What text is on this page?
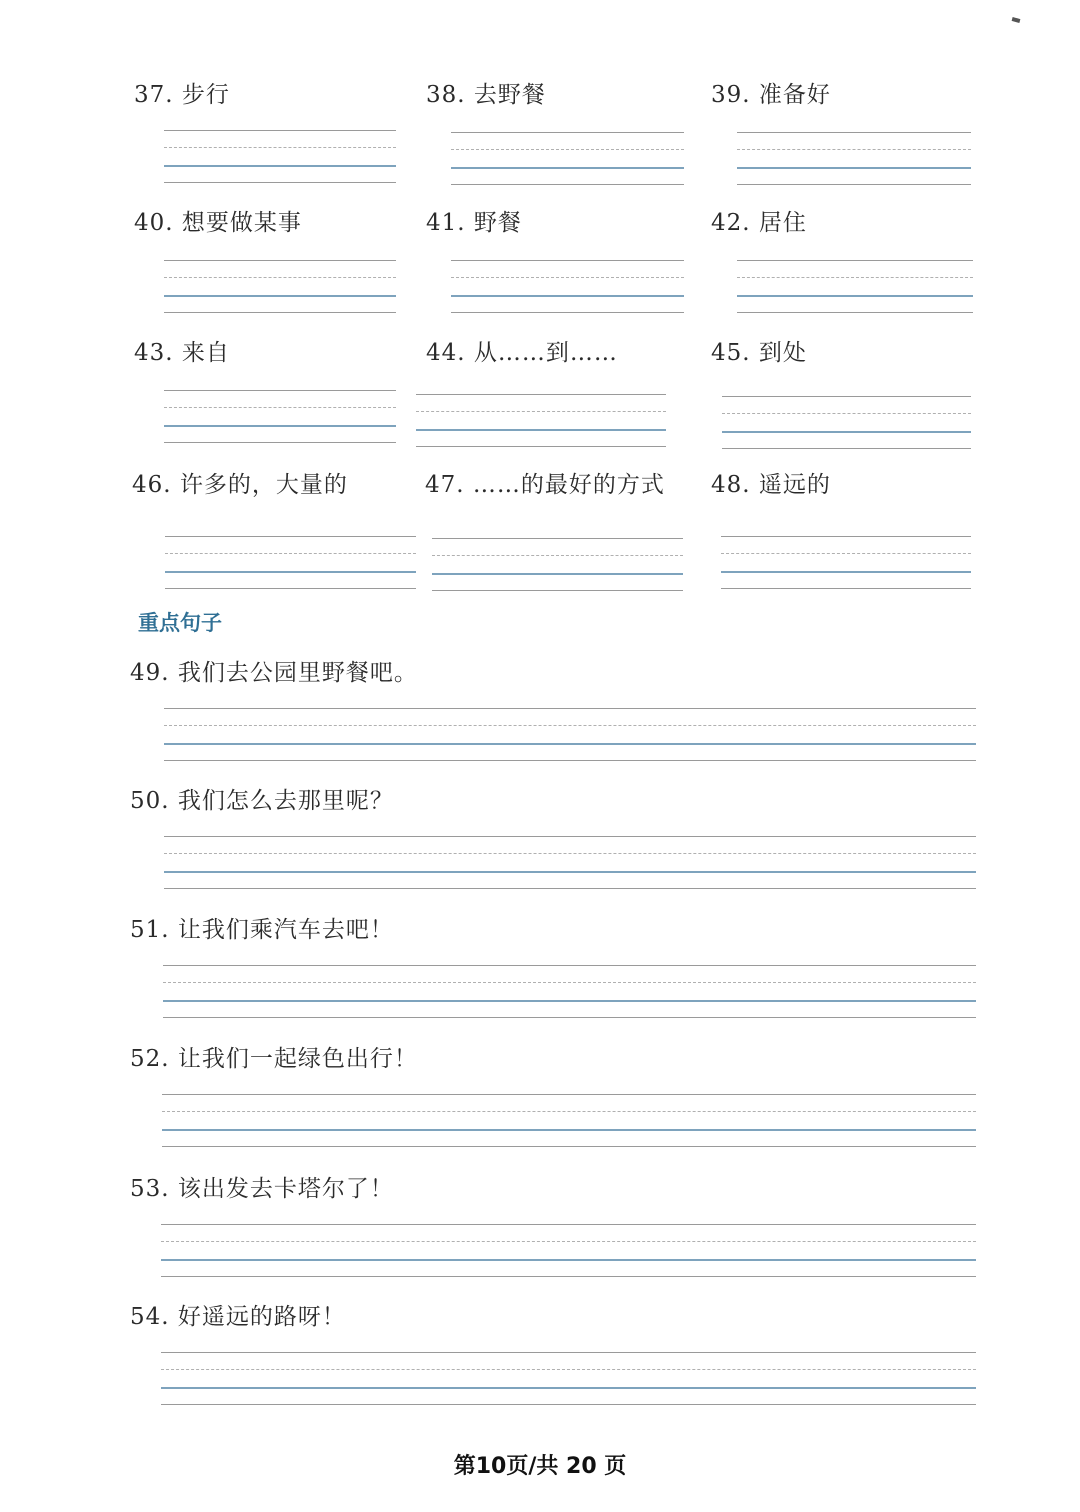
37. 步行	38. 去野餐	39. 准备好
40. 想要做某事	41. 野餐	42. 居住
43. 来自	44. 从……到……	45. 到处
46. 许多的，大量的	47. ……的最好的方式	48. 遥远的
重点句子
49. 我们去公园里野餐吧。
50. 我们怎么去那里呢？
51. 让我们乘汽车去吧！
52. 让我们一起绿色出行！
53. 该出发去卡塔尔了！
54. 好遥远的路呀！
第10页/共 20 页
